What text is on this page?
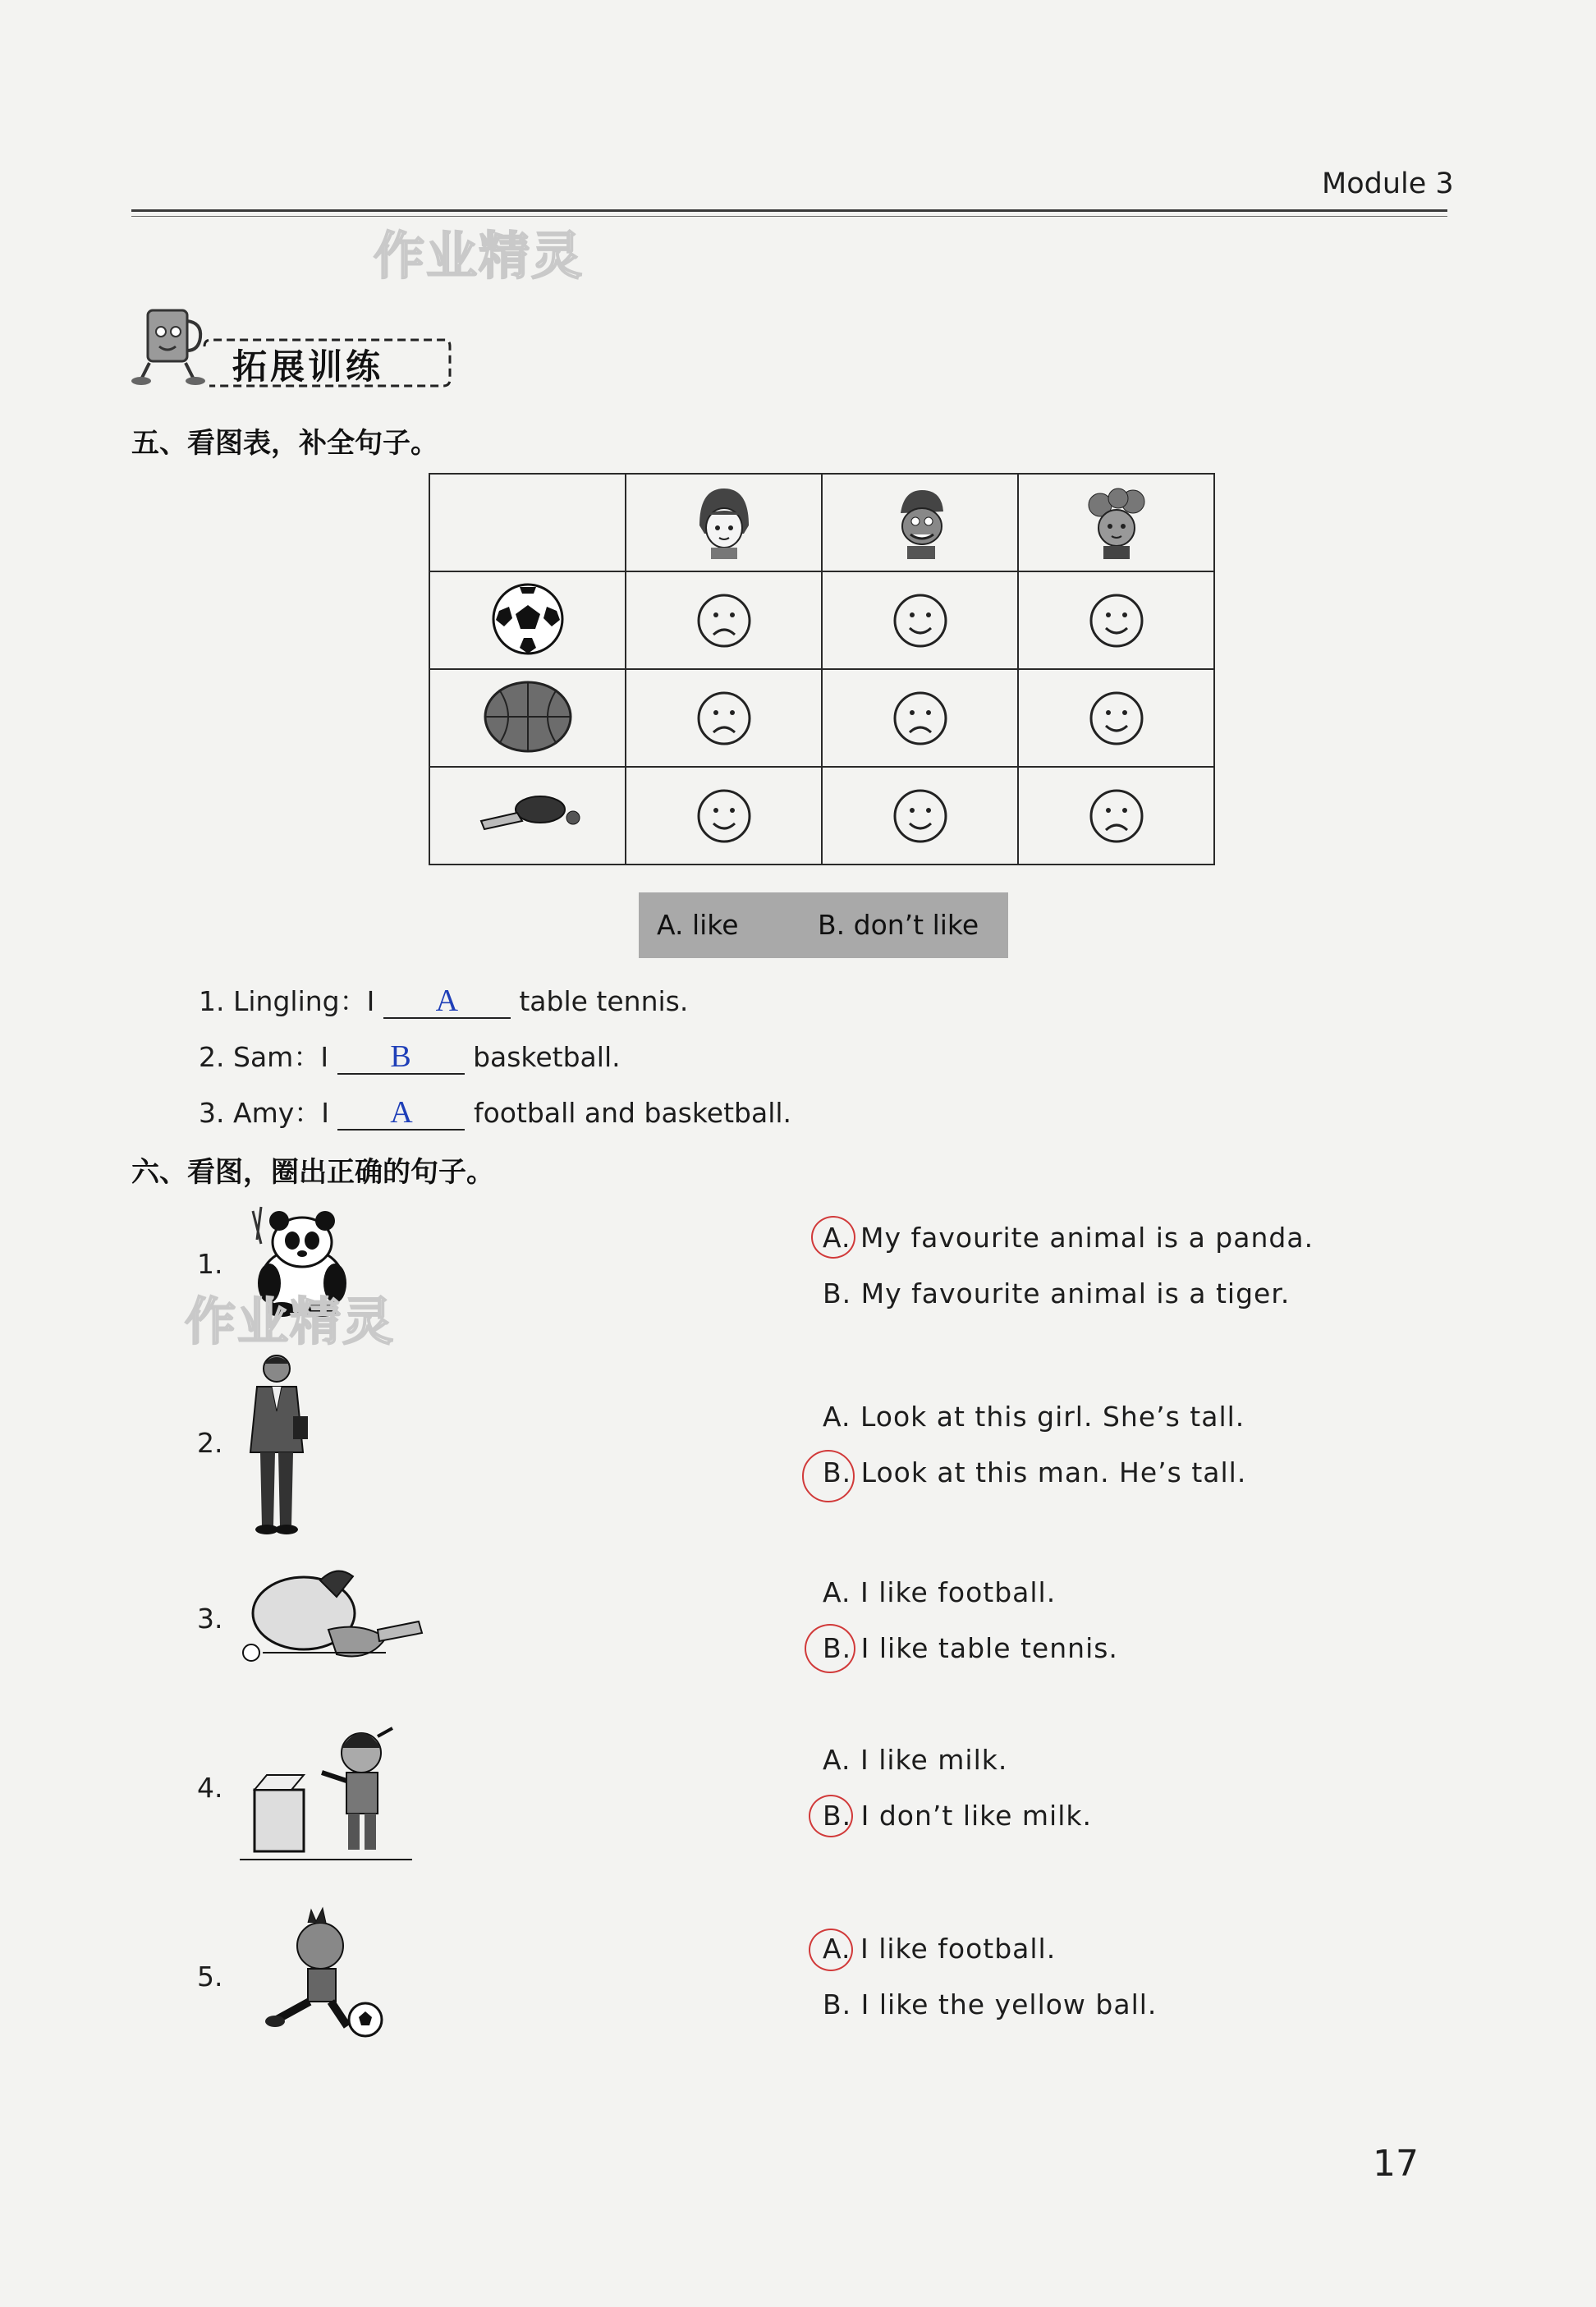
Module 3
作业精灵
拓展训练
五、看图表，补全句子。

A. like	B. don’t like
1. Lingling：I A table tennis.
2. Sam：I B basketball.
3. Amy：I A football and basketball.
六、看图，圈出正确的句子。
1.
作业精灵
A. My favourite animal is a panda.
B. My favourite animal is a tiger.
2.
A. Look at this girl. She’s tall.
B. Look at this man. He’s tall.
3.
A. I like football.
B. I like table tennis.
4.
A. I like milk.
B. I don’t like milk.
5.
A. I like football.
B. I like the yellow ball.
17
